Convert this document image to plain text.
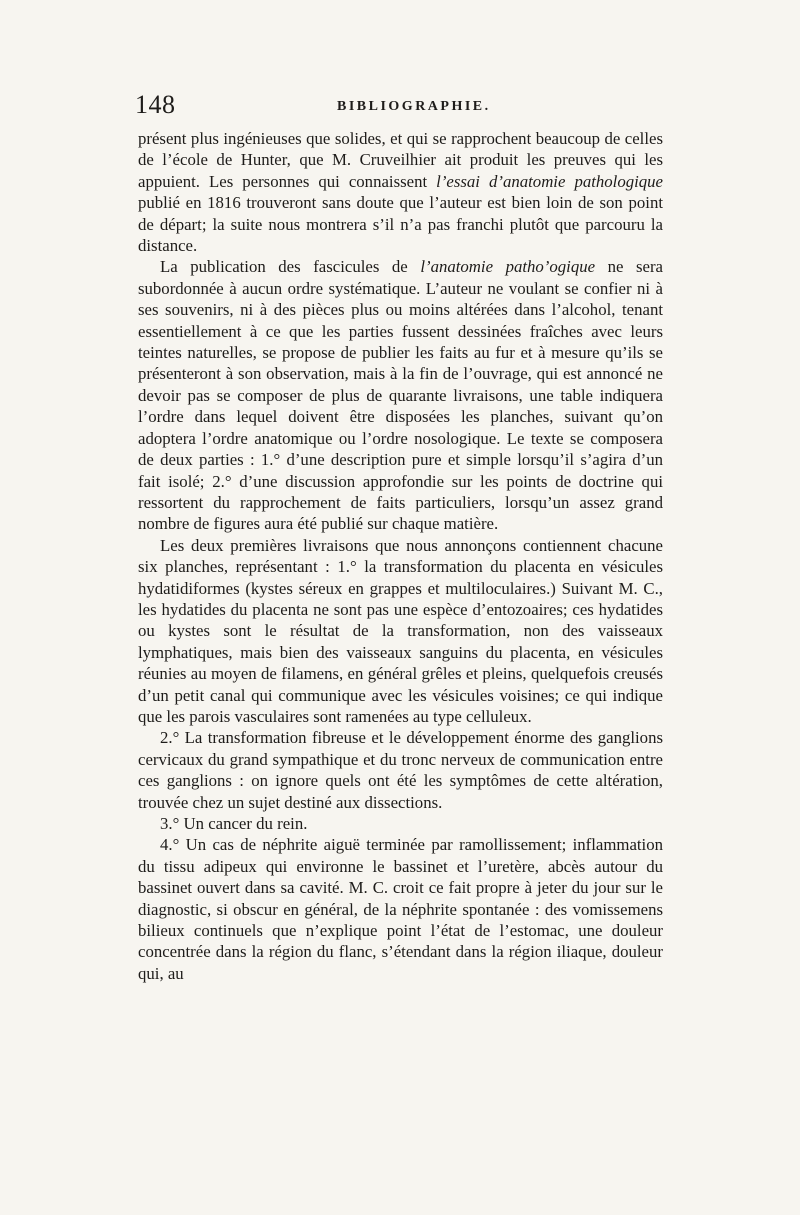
148	BIBLIOGRAPHIE.

présent plus ingénieuses que solides, et qui se rapprochent beaucoup de celles de l’école de Hunter, que M. Cruveilhier ait produit les preuves qui les appuient. Les personnes qui connaissent l’essai d’anatomie pathologique publié en 1816 trouveront sans doute que l’auteur est bien loin de son point de départ; la suite nous montrera s’il n’a pas franchi plutôt que parcouru la distance.

La publication des fascicules de l’anatomie patho’ogique ne sera subordonnée à aucun ordre systématique. L’auteur ne voulant se confier ni à ses souvenirs, ni à des pièces plus ou moins altérées dans l’alcohol, tenant essentiellement à ce que les parties fussent dessinées fraîches avec leurs teintes naturelles, se propose de publier les faits au fur et à mesure qu’ils se présenteront à son observation, mais à la fin de l’ouvrage, qui est annoncé ne devoir pas se composer de plus de quarante livraisons, une table indiquera l’ordre dans lequel doivent être disposées les planches, suivant qu’on adoptera l’ordre anatomique ou l’ordre nosologique. Le texte se composera de deux parties : 1.° d’une description pure et simple lorsqu’il s’agira d’un fait isolé; 2.° d’une discussion approfondie sur les points de doctrine qui ressortent du rapprochement de faits particuliers, lorsqu’un assez grand nombre de figures aura été publié sur chaque matière.

Les deux premières livraisons que nous annonçons contiennent chacune six planches, représentant : 1.° la transformation du placenta en vésicules hydatidiformes (kystes séreux en grappes et multiloculaires.) Suivant M. C., les hydatides du placenta ne sont pas une espèce d’entozoaires; ces hydatides ou kystes sont le résultat de la transformation, non des vaisseaux lymphatiques, mais bien des vaisseaux sanguins du placenta, en vésicules réunies au moyen de filamens, en général grêles et pleins, quelquefois creusés d’un petit canal qui communique avec les vésicules voisines; ce qui indique que les parois vasculaires sont ramenées au type celluleux.

2.° La transformation fibreuse et le développement énorme des ganglions cervicaux du grand sympathique et du tronc nerveux de communication entre ces ganglions : on ignore quels ont été les symptômes de cette altération, trouvée chez un sujet destiné aux dissections.

3.° Un cancer du rein.

4.° Un cas de néphrite aiguë terminée par ramollissement; inflammation du tissu adipeux qui environne le bassinet et l’uretère, abcès autour du bassinet ouvert dans sa cavité. M. C. croit ce fait propre à jeter du jour sur le diagnostic, si obscur en général, de la néphrite spontanée : des vomissemens bilieux continuels que n’explique point l’état de l’estomac, une douleur concentrée dans la région du flanc, s’étendant dans la région iliaque, douleur qui, au
